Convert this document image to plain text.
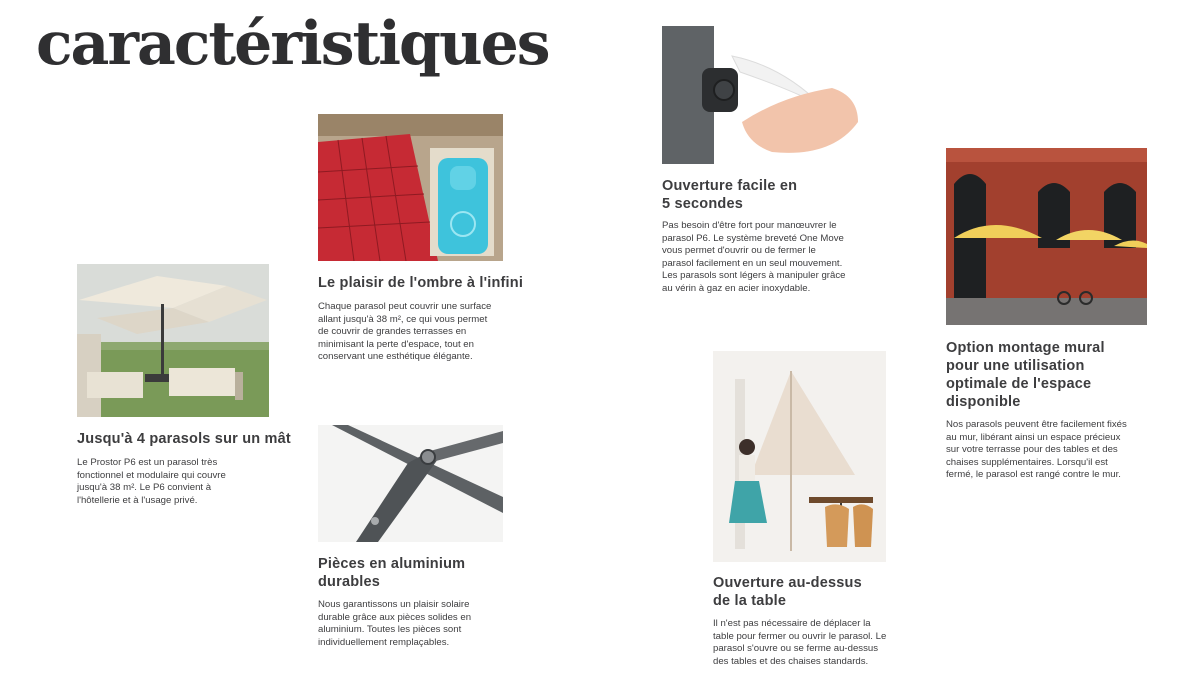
caractéristiques
Jusqu'à 4 parasols sur un mât

Le Prostor P6 est un parasol très
fonctionnel et modulaire qui couvre
jusqu'à 38 m². Le P6 convient à
l'hôtellerie et à l'usage privé.

Le plaisir de l'ombre à l'infini

Chaque parasol peut couvrir une surface
allant jusqu'à 38 m², ce qui vous permet
de couvrir de grandes terrasses en
minimisant la perte d'espace, tout en
conservant une esthétique élégante.

Pièces en aluminium
durables

Nous garantissons un plaisir solaire
durable grâce aux pièces solides en
aluminium. Toutes les pièces sont
individuellement remplaçables.

Ouverture facile en
5 secondes

Pas besoin d'être fort pour manœuvrer le
parasol P6. Le système breveté One Move
vous permet d'ouvrir ou de fermer le
parasol facilement en un seul mouvement.
Les parasols sont légers à manipuler grâce
au vérin à gaz en acier inoxydable.

Ouverture au-dessus
de la table

Il n'est pas nécessaire de déplacer la
table pour fermer ou ouvrir le parasol. Le
parasol s'ouvre ou se ferme au-dessus
des tables et des chaises standards.

Option montage mural
pour une utilisation
optimale de l'espace
disponible

Nos parasols peuvent être facilement fixés
au mur, libérant ainsi un espace précieux
sur votre terrasse pour des tables et des
chaises supplémentaires. Lorsqu'il est
fermé, le parasol est rangé contre le mur.
